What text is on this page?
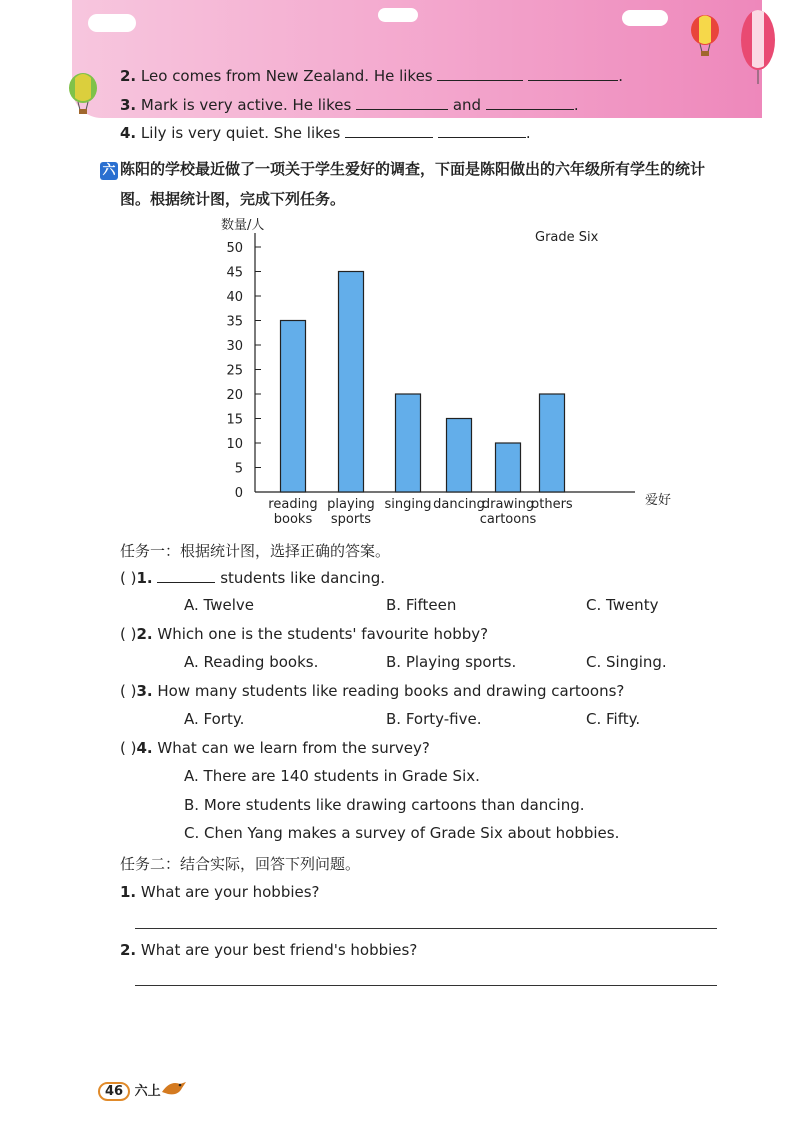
2. Leo comes from New Zealand. He likes	.
3. Mark is very active. He likes	and	.
4. Lily is very quiet. She likes	.
六 陈阳的学校最近做了一项关于学生爱好的调查，下面是陈阳做出的六年级所有学生的统计
图。根据统计图，完成下列任务。
0
5
10
15
20
25
30
35
40
45
50
数量/人
爱好
Grade Six
reading
books
playing
sports
singing dancing
drawing
cartoons
others
任务一：根据统计图，选择正确的答案。
( )1.	students like dancing.
A. Twelve	B. Fifteen	C. Twenty
( )2. Which one is the students' favourite hobby?
A. Reading books.	B. Playing sports.	C. Singing.
( )3. How many students like reading books and drawing cartoons?
A. Forty.	B. Forty-five.	C. Fifty.
( )4. What can we learn from the survey?
A. There are 140 students in Grade Six.
B. More students like drawing cartoons than dancing.
C. Chen Yang makes a survey of Grade Six about hobbies.
任务二：结合实际，回答下列问题。
1. What are your hobbies?
2. What are your best friend's hobbies?
46 六上
